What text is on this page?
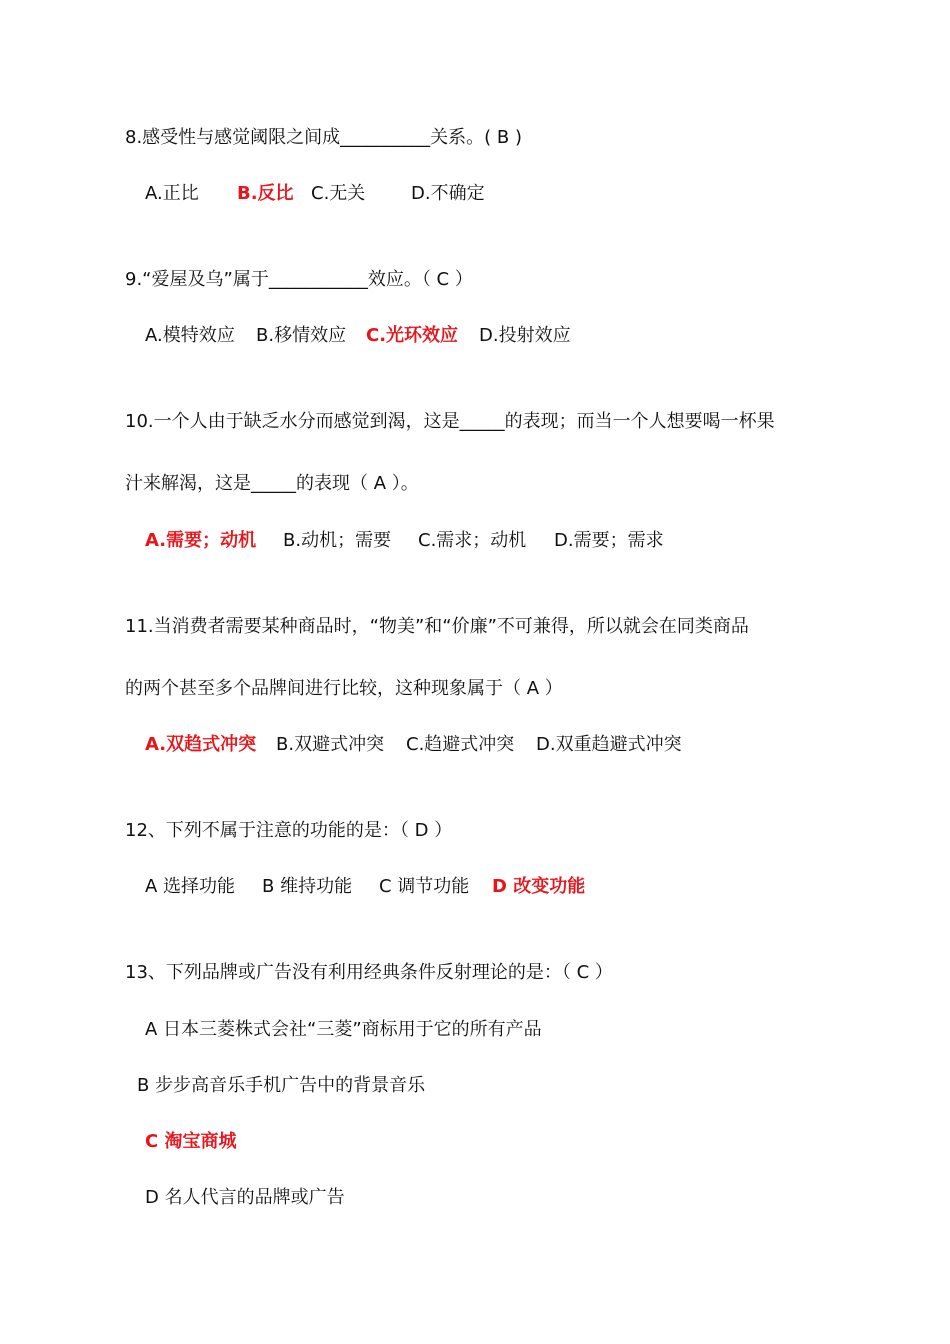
8.感受性与感觉阈限之间成__________关系。( B )
A.正比 B.反比 C.无关	D.不确定
9.“爱屋及乌”属于___________效应。（ C ）
A.模特效应 B.移情效应 C.光环效应 D.投射效应
10.一个人由于缺乏水分而感觉到渴，这是_____的表现；而当一个人想要喝一杯果
汁来解渴，这是_____的表现（ A ）。
A.需要；动机 B.动机；需要 C.需求；动机 D.需要；需求
11.当消费者需要某种商品时，“物美”和“价廉”不可兼得，所以就会在同类商品
的两个甚至多个品牌间进行比较，这种现象属于（ A ）
A.双趋式冲突 B.双避式冲突 C.趋避式冲突 D.双重趋避式冲突
12、下列不属于注意的功能的是：（ D ）
A 选择功能 B 维持功能 C 调节功能 D 改变功能
13、下列品牌或广告没有利用经典条件反射理论的是：（ C ）
A 日本三菱株式会社“三菱”商标用于它的所有产品
B 步步高音乐手机广告中的背景音乐
C 淘宝商城
D 名人代言的品牌或广告
